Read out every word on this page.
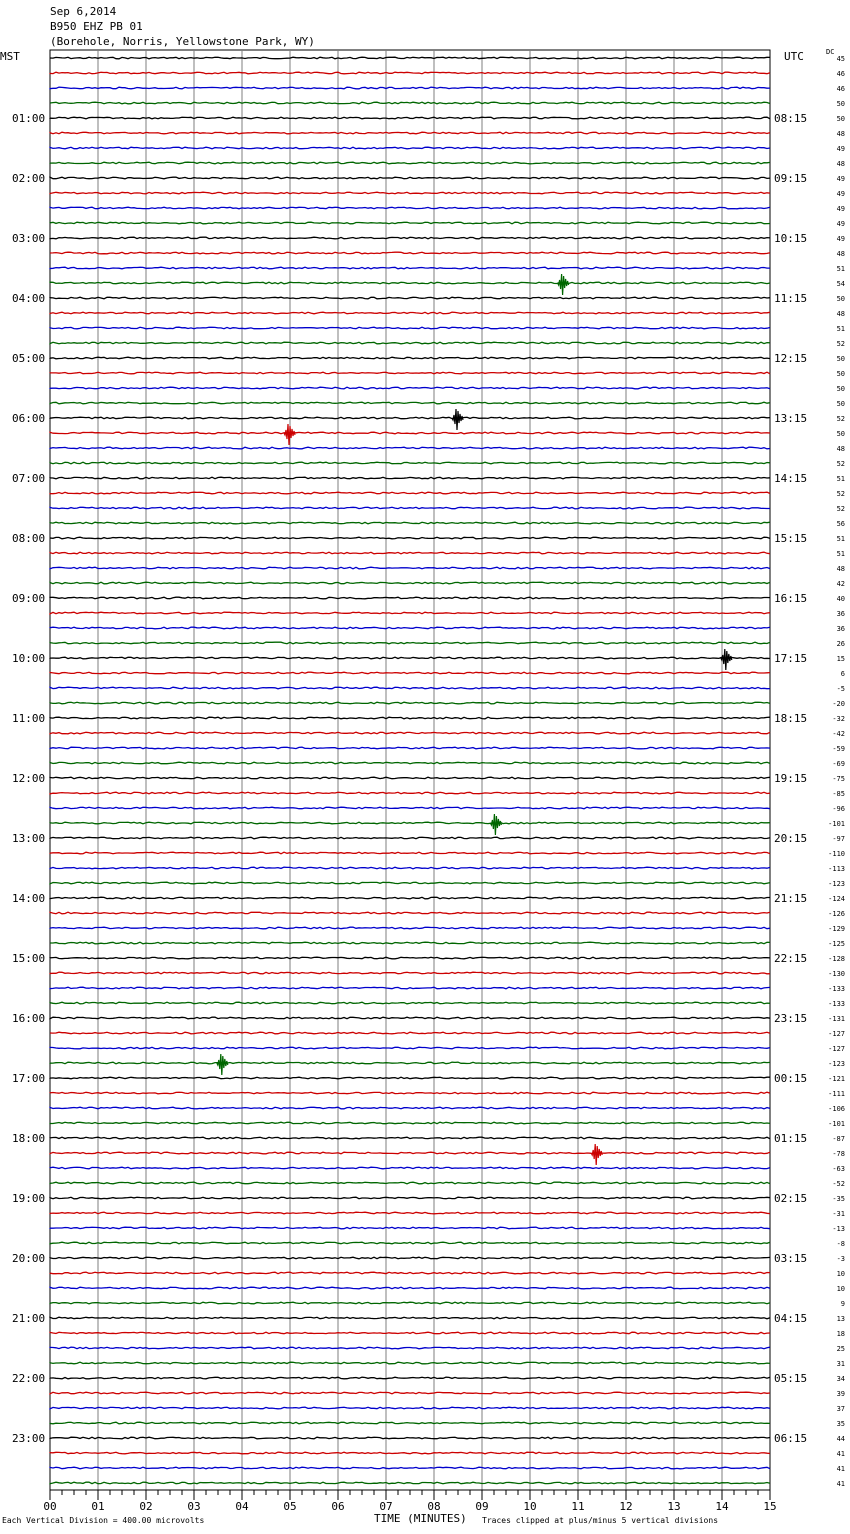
Sep 6,2014
B950 EHZ PB 01
(Borehole, Norris, Yellowstone Park, WY)
MST	UTC	DC
01:00
02:00
03:00
04:00
05:00
06:00
07:00
08:00
09:00
10:00
11:00
12:00
13:00
14:00
15:00
16:00
17:00
18:00
19:00
20:00
21:00
22:00
23:00
08:15
09:15
10:15
11:15
12:15
13:15
14:15
15:15
16:15
17:15
18:15
19:15
20:15
21:15
22:15
23:15
00:15
01:15
02:15
03:15
04:15
05:15
06:15
45
46
46
50
50
48
49
48
49
49
49
49
49
48
51
54
50
48
51
52
50
50
50
50
52
50
48
52
51
52
52
56
51
51
48
42
40
36
36
26
15
6
-5
-20
-32
-42
-59
-69
-75
-85
-96
-101
-97
-110
-113
-123
-124
-126
-129
-125
-128
-130
-133
-133
-131
-127
-127
-123
-121
-111
-106
-101
-87
-78
-63
-52
-35
-31
-13
-8
-3
10
10
9
13
18
25
31
34
39
37
35
44
41
41
41
00	01	02	03	04	05	06	07	08	09	10	11	12	13	14	15
Each Vertical Division = 400.00 microvolts	TIME (MINUTES) Traces clipped at plus/minus 5 vertical divisions
